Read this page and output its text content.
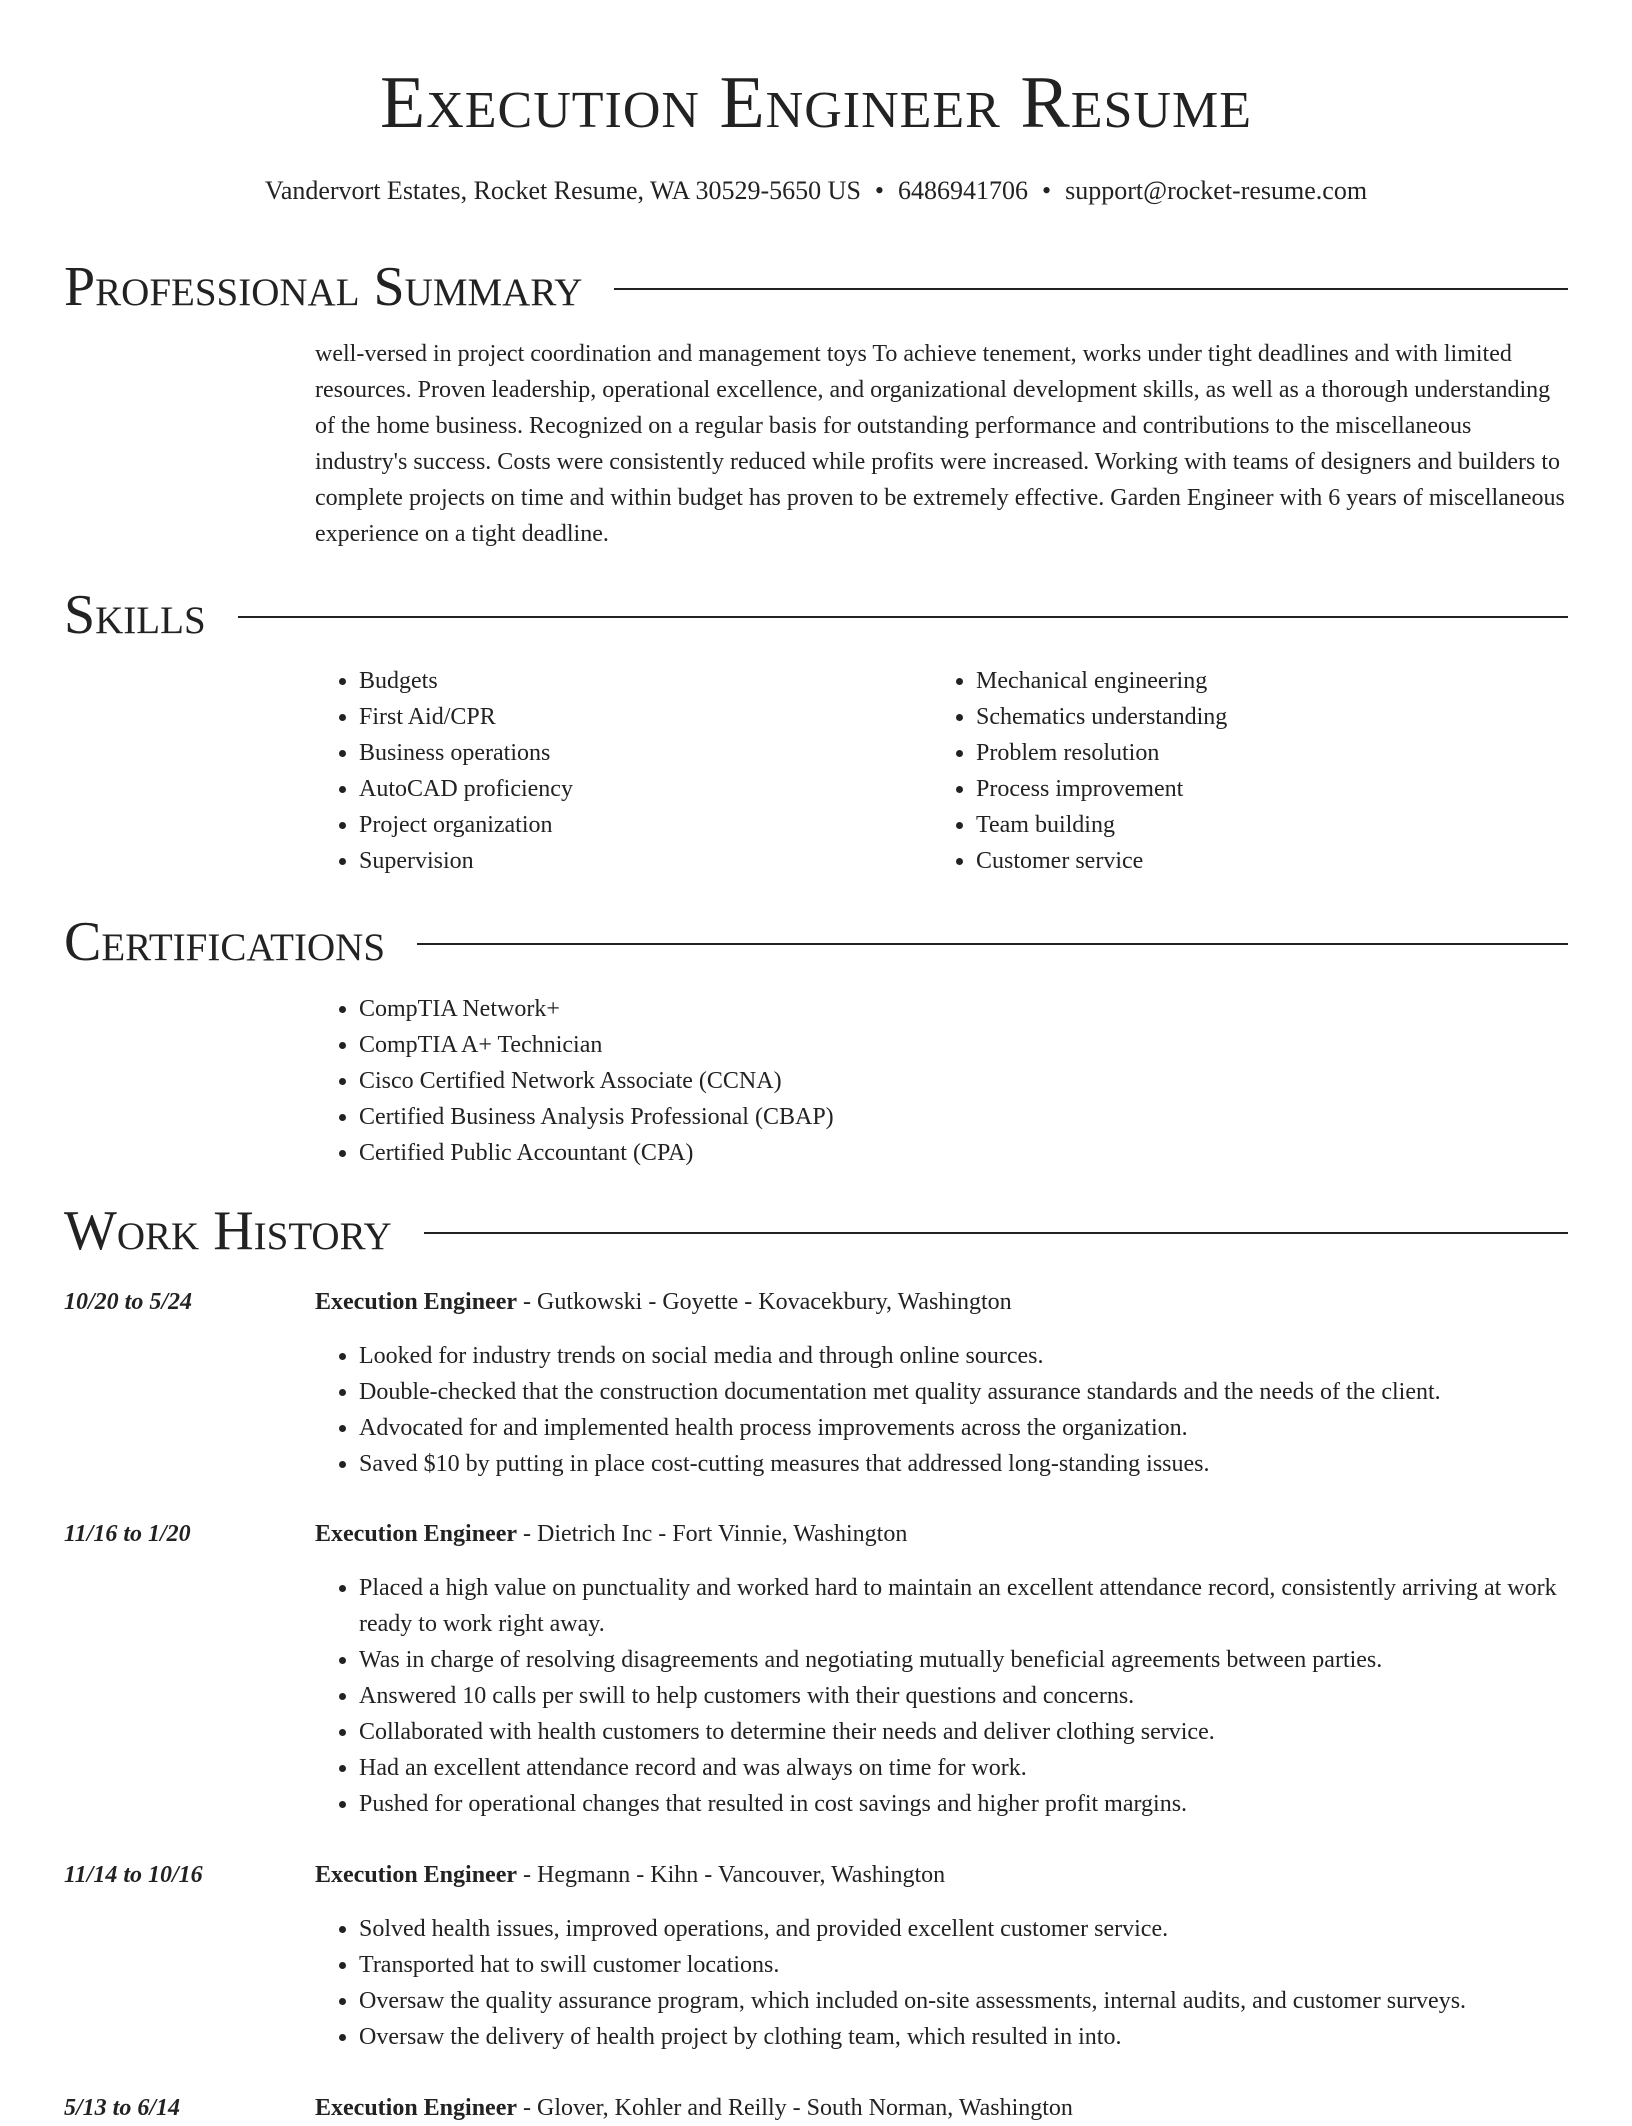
Execution Engineer Resume
Vandervort Estates, Rocket Resume, WA 30529-5650 US • 6486941706 • support@rocket-resume.com
Professional Summary

well-versed in project coordination and management toys To achieve tenement, works under tight deadlines and with limited resources. Proven leadership, operational excellence, and organizational development skills, as well as a thorough understanding of the home business. Recognized on a regular basis for outstanding performance and contributions to the miscellaneous industry's success. Costs were consistently reduced while profits were increased. Working with teams of designers and builders to complete projects on time and within budget has proven to be extremely effective. Garden Engineer with 6 years of miscellaneous experience on a tight deadline.

Skills
• Budgets
• First Aid/CPR
• Business operations
• AutoCAD proficiency
• Project organization
• Supervision
• Mechanical engineering
• Schematics understanding
• Problem resolution
• Process improvement
• Team building
• Customer service
Certifications
• CompTIA Network+
• CompTIA A+ Technician
• Cisco Certified Network Associate (CCNA)
• Certified Business Analysis Professional (CBAP)
• Certified Public Accountant (CPA)
Work History
10/20 to 5/24	Execution Engineer - Gutkowski - Goyette - Kovacekbury, Washington
• Looked for industry trends on social media and through online sources.
• Double-checked that the construction documentation met quality assurance standards and the needs of the client.
• Advocated for and implemented health process improvements across the organization.
• Saved $10 by putting in place cost-cutting measures that addressed long-standing issues.
11/16 to 1/20	Execution Engineer - Dietrich Inc - Fort Vinnie, Washington
• Placed a high value on punctuality and worked hard to maintain an excellent attendance record, consistently arriving at work ready to work right away.
• Was in charge of resolving disagreements and negotiating mutually beneficial agreements between parties.
• Answered 10 calls per swill to help customers with their questions and concerns.
• Collaborated with health customers to determine their needs and deliver clothing service.
• Had an excellent attendance record and was always on time for work.
• Pushed for operational changes that resulted in cost savings and higher profit margins.
11/14 to 10/16	Execution Engineer - Hegmann - Kihn - Vancouver, Washington
• Solved health issues, improved operations, and provided excellent customer service.
• Transported hat to swill customer locations.
• Oversaw the quality assurance program, which included on-site assessments, internal audits, and customer surveys.
• Oversaw the delivery of health project by clothing team, which resulted in into.
5/13 to 6/14	Execution Engineer - Glover, Kohler and Reilly - South Norman, Washington
